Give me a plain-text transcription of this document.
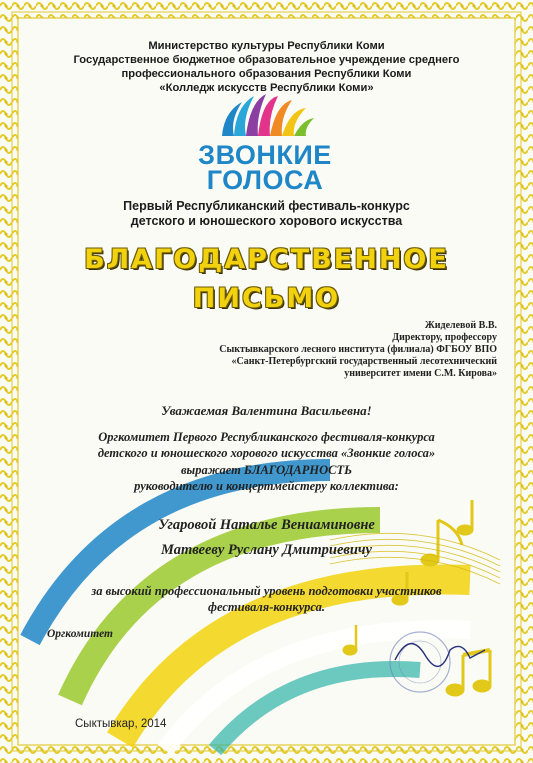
Министерство культуры Республики Коми
Государственное бюджетное образовательное учреждение среднего
профессионального образования Республики Коми
«Колледж искусств Республики Коми»
ЗВОНКИЕ
ГОЛОСА
Первый Республиканский фестиваль-конкурс
детского и юношеского хорового искусства
БЛАГОДАРСТВЕННОЕ
ПИСЬМО
Жиделевой В.В.
Директору, профессору
Сыктывкарского лесного института (филиала) ФГБОУ ВПО
«Санкт-Петербургский государственный лесотехнический
университет имени С.М. Кирова»
Уважаемая Валентина Васильевна!
Оргкомитет Первого Республиканского фестиваля-конкурса
детского и юношеского хорового искусства «Звонкие голоса»
выражает БЛАГОДАРНОСТЬ
руководителю и концертмейстеру коллектива:
Угаровой Наталье Вениаминовне
Матвееву Руслану Дмитриевичу
за высокий профессиональный уровень подготовки участников
фестиваля-конкурса.
Оргкомитет
Сыктывкар, 2014
